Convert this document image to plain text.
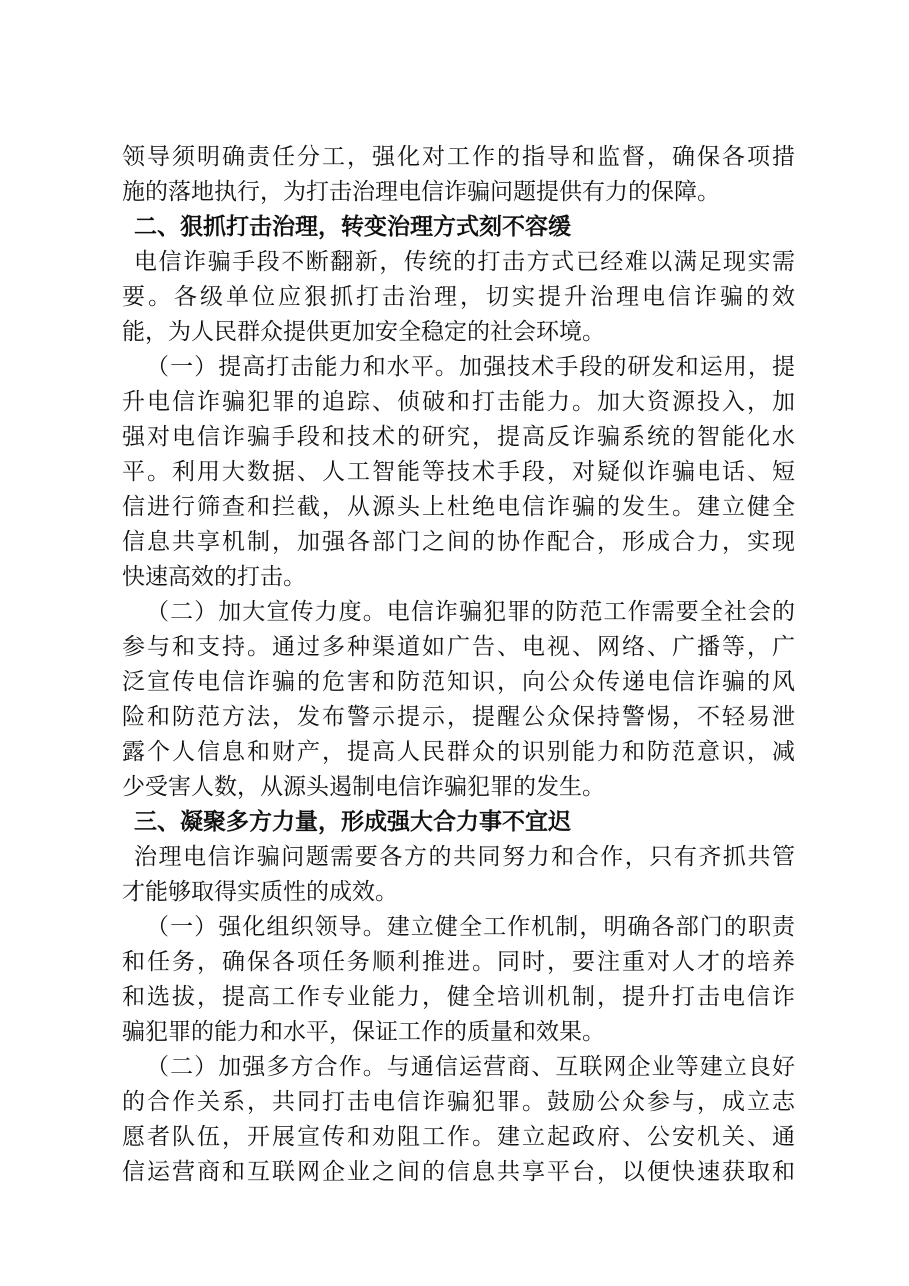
领导须明确责任分工，强化对工作的指导和监督，确保各项措
施的落地执行，为打击治理电信诈骗问题提供有力的保障。
二、狠抓打击治理，转变治理方式刻不容缓
电信诈骗手段不断翻新，传统的打击方式已经难以满足现实需
要。各级单位应狠抓打击治理，切实提升治理电信诈骗的效
能，为人民群众提供更加安全稳定的社会环境。
（一）提高打击能力和水平。加强技术手段的研发和运用，提
升电信诈骗犯罪的追踪、侦破和打击能力。加大资源投入，加
强对电信诈骗手段和技术的研究，提高反诈骗系统的智能化水
平。利用大数据、人工智能等技术手段，对疑似诈骗电话、短
信进行筛查和拦截，从源头上杜绝电信诈骗的发生。建立健全
信息共享机制，加强各部门之间的协作配合，形成合力，实现
快速高效的打击。
（二）加大宣传力度。电信诈骗犯罪的防范工作需要全社会的
参与和支持。通过多种渠道如广告、电视、网络、广播等，广
泛宣传电信诈骗的危害和防范知识，向公众传递电信诈骗的风
险和防范方法，发布警示提示，提醒公众保持警惕，不轻易泄
露个人信息和财产，提高人民群众的识别能力和防范意识，减
少受害人数，从源头遏制电信诈骗犯罪的发生。
三、凝聚多方力量，形成强大合力事不宜迟
治理电信诈骗问题需要各方的共同努力和合作，只有齐抓共管
才能够取得实质性的成效。
（一）强化组织领导。建立健全工作机制，明确各部门的职责
和任务，确保各项任务顺利推进。同时，要注重对人才的培养
和选拔，提高工作专业能力，健全培训机制，提升打击电信诈
骗犯罪的能力和水平，保证工作的质量和效果。
（二）加强多方合作。与通信运营商、互联网企业等建立良好
的合作关系，共同打击电信诈骗犯罪。鼓励公众参与，成立志
愿者队伍，开展宣传和劝阻工作。建立起政府、公安机关、通
信运营商和互联网企业之间的信息共享平台，以便快速获取和
